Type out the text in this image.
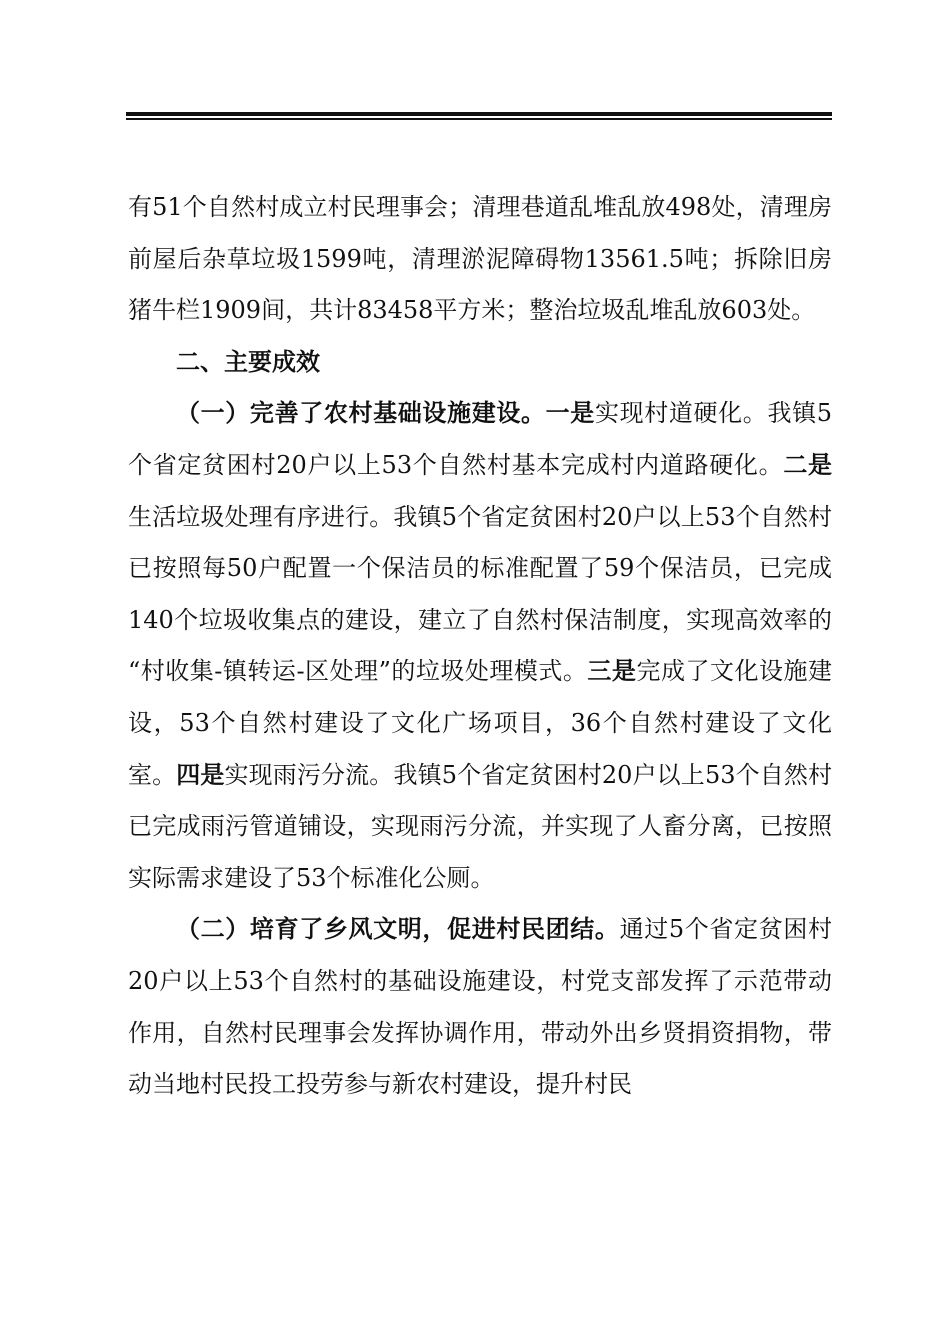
有51个自然村成立村民理事会；清理巷道乱堆乱放498处，清理房前屋后杂草垃圾1599吨，清理淤泥障碍物13561.5吨；拆除旧房猪牛栏1909间，共计83458平方米；整治垃圾乱堆乱放603处。

二、主要成效

（一）完善了农村基础设施建设。一是实现村道硬化。我镇5个省定贫困村20户以上53个自然村基本完成村内道路硬化。二是生活垃圾处理有序进行。我镇5个省定贫困村20户以上53个自然村已按照每50户配置一个保洁员的标准配置了59个保洁员，已完成140个垃圾收集点的建设，建立了自然村保洁制度，实现高效率的 “村收集-镇转运-区处理”的垃圾处理模式。三是完成了文化设施建设，53个自然村建设了文化广场项目，36个自然村建设了文化室。四是实现雨污分流。我镇5个省定贫困村20户以上53个自然村已完成雨污管道铺设，实现雨污分流，并实现了人畜分离，已按照实际需求建设了53个标准化公厕。

（二）培育了乡风文明，促进村民团结。通过5个省定贫困村20户以上53个自然村的基础设施建设，村党支部发挥了示范带动作用，自然村民理事会发挥协调作用，带动外出乡贤捐资捐物，带动当地村民投工投劳参与新农村建设，提升村民
